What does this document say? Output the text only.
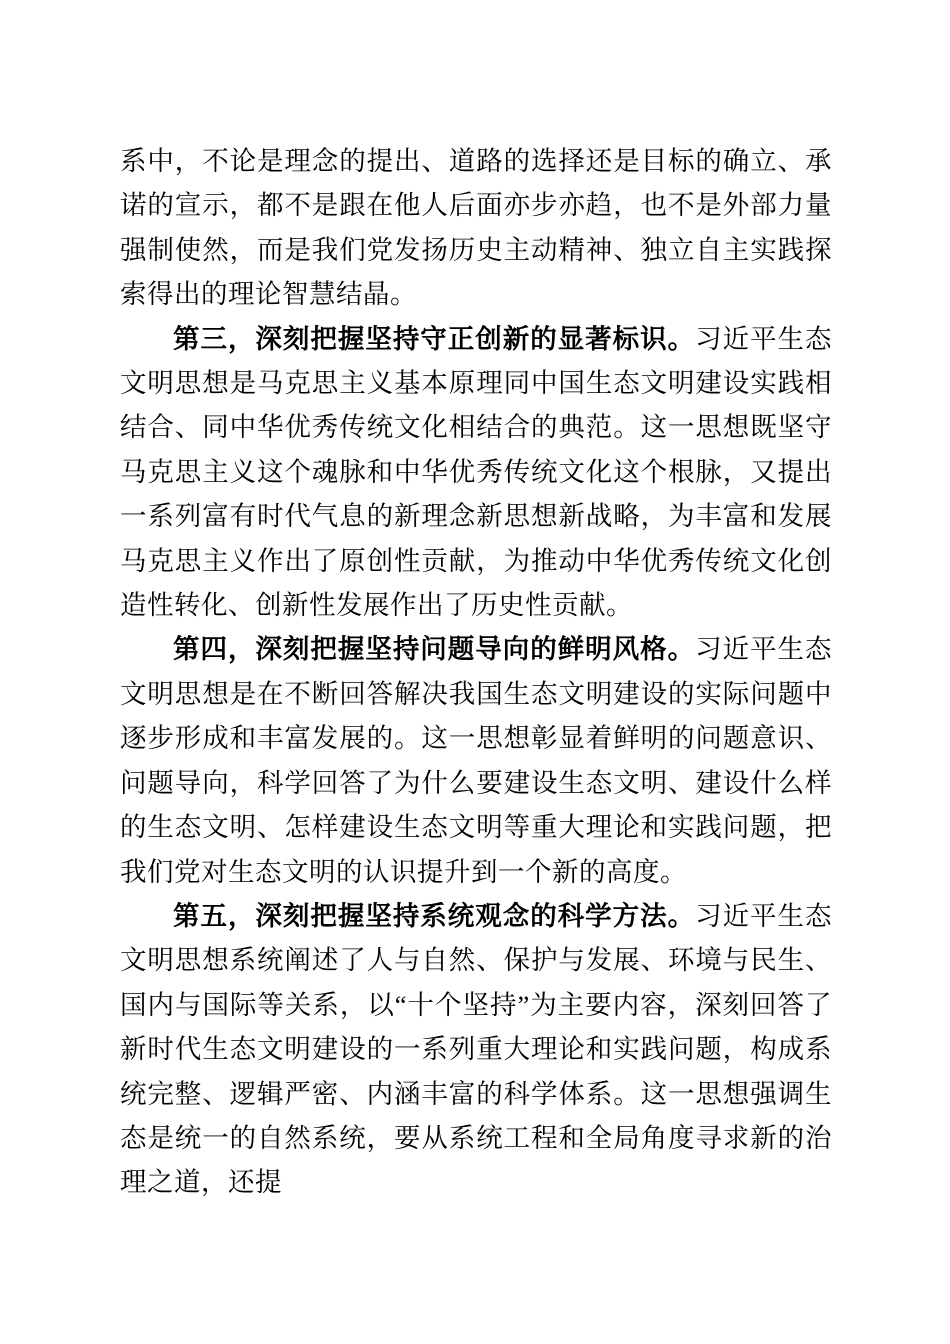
系中，不论是理念的提出、道路的选择还是目标的确立、承诺的宣示，都不是跟在他人后面亦步亦趋，也不是外部力量强制使然，而是我们党发扬历史主动精神、独立自主实践探索得出的理论智慧结晶。

第三，深刻把握坚持守正创新的显著标识。习近平生态文明思想是马克思主义基本原理同中国生态文明建设实践相结合、同中华优秀传统文化相结合的典范。这一思想既坚守马克思主义这个魂脉和中华优秀传统文化这个根脉，又提出一系列富有时代气息的新理念新思想新战略，为丰富和发展马克思主义作出了原创性贡献，为推动中华优秀传统文化创造性转化、创新性发展作出了历史性贡献。

第四，深刻把握坚持问题导向的鲜明风格。习近平生态文明思想是在不断回答解决我国生态文明建设的实际问题中逐步形成和丰富发展的。这一思想彰显着鲜明的问题意识、问题导向，科学回答了为什么要建设生态文明、建设什么样的生态文明、怎样建设生态文明等重大理论和实践问题，把我们党对生态文明的认识提升到一个新的高度。

第五，深刻把握坚持系统观念的科学方法。习近平生态文明思想系统阐述了人与自然、保护与发展、环境与民生、国内与国际等关系，以“十个坚持”为主要内容，深刻回答了新时代生态文明建设的一系列重大理论和实践问题，构成系统完整、逻辑严密、内涵丰富的科学体系。这一思想强调生态是统一的自然系统，要从系统工程和全局角度寻求新的治理之道，还提
